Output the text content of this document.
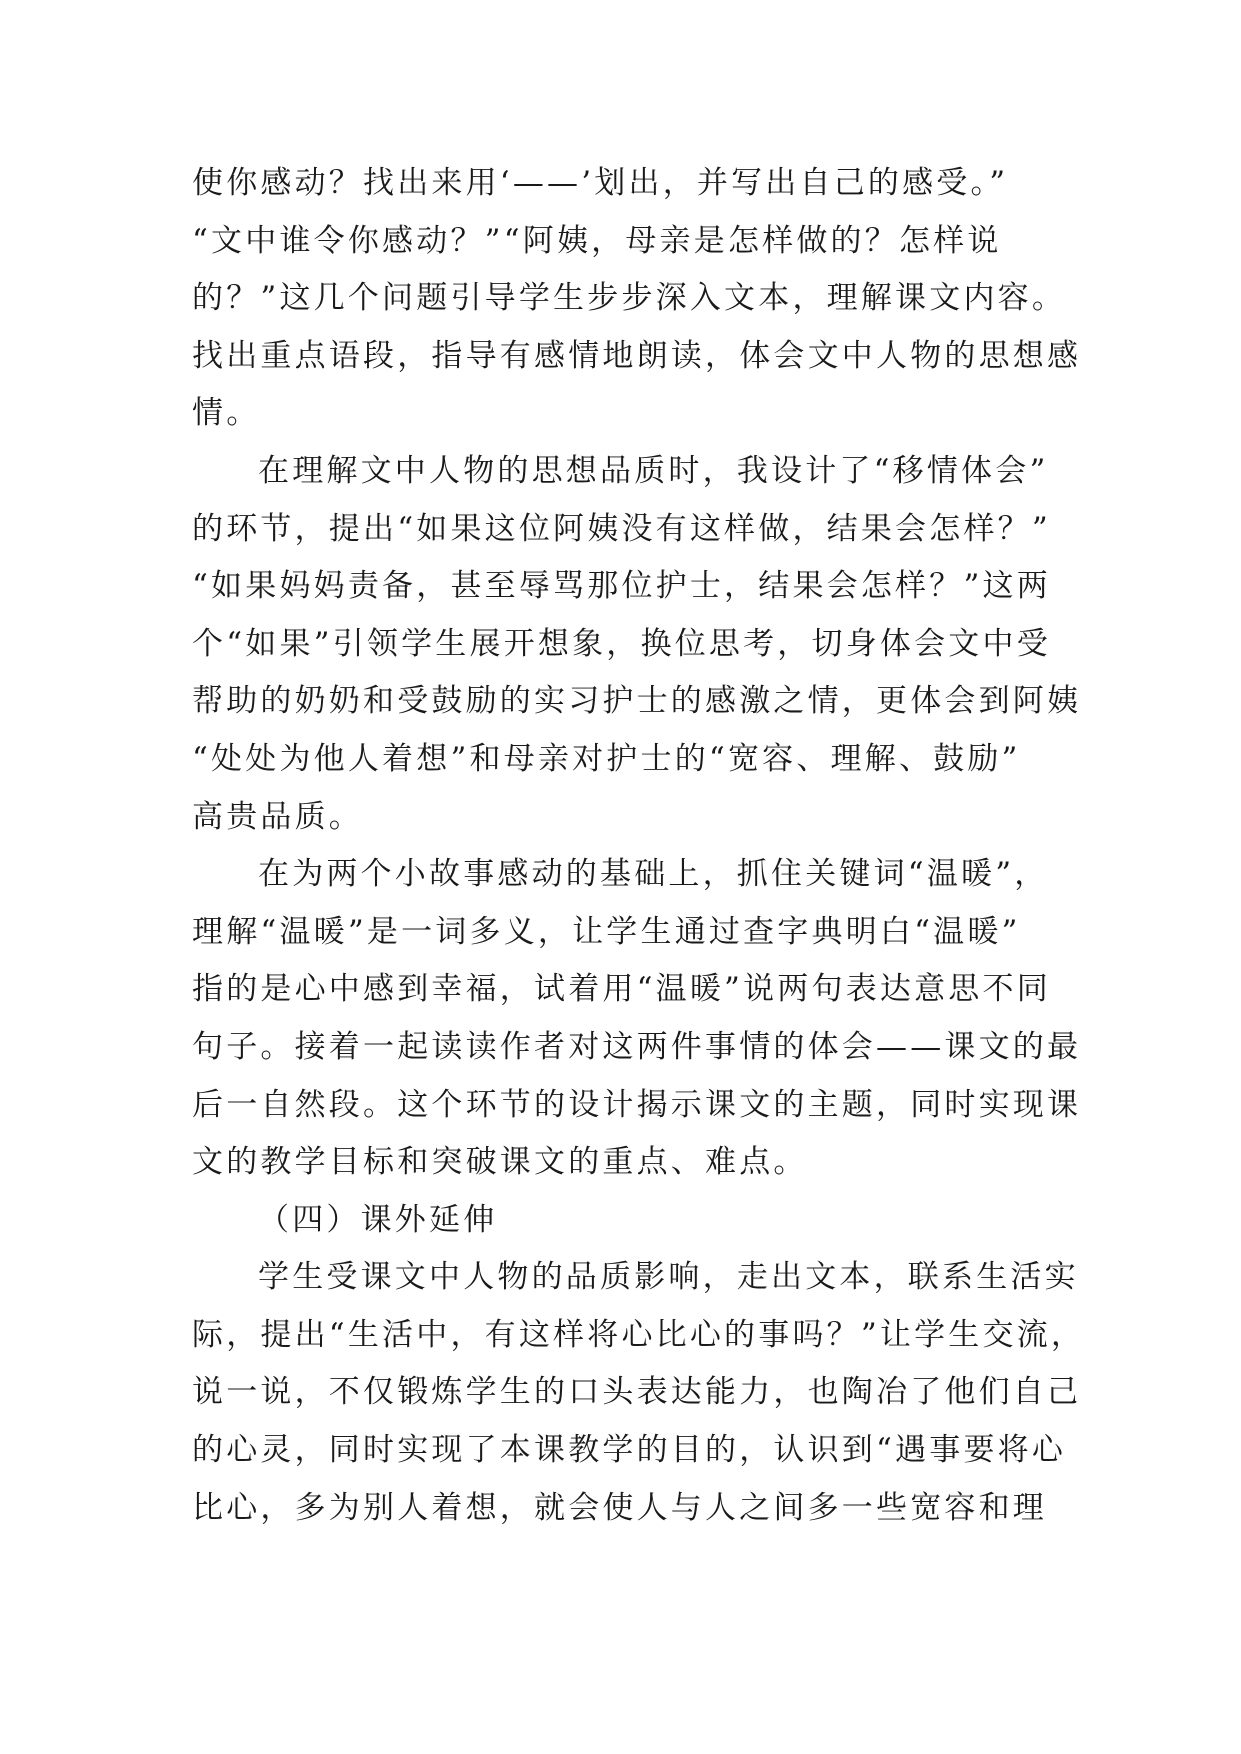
使你感动？找出来用‘——’划出，并写出自己的感受。”
“文中谁令你感动？”“阿姨，母亲是怎样做的？怎样说
的？”这几个问题引导学生步步深入文本，理解课文内容。
找出重点语段，指导有感情地朗读，体会文中人物的思想感
情。
在理解文中人物的思想品质时，我设计了“移情体会”
的环节，提出“如果这位阿姨没有这样做，结果会怎样？”
“如果妈妈责备，甚至辱骂那位护士，结果会怎样？”这两
个“如果”引领学生展开想象，换位思考，切身体会文中受
帮助的奶奶和受鼓励的实习护士的感激之情，更体会到阿姨
“处处为他人着想”和母亲对护士的“宽容、理解、鼓励”
高贵品质。
在为两个小故事感动的基础上，抓住关键词“温暖”，
理解“温暖”是一词多义，让学生通过查字典明白“温暖”
指的是心中感到幸福，试着用“温暖”说两句表达意思不同
句子。接着一起读读作者对这两件事情的体会——课文的最
后一自然段。这个环节的设计揭示课文的主题，同时实现课
文的教学目标和突破课文的重点、难点。
（四）课外延伸
学生受课文中人物的品质影响，走出文本，联系生活实
际，提出“生活中，有这样将心比心的事吗？”让学生交流，
说一说，不仅锻炼学生的口头表达能力，也陶冶了他们自己
的心灵，同时实现了本课教学的目的，认识到“遇事要将心
比心，多为别人着想，就会使人与人之间多一些宽容和理
